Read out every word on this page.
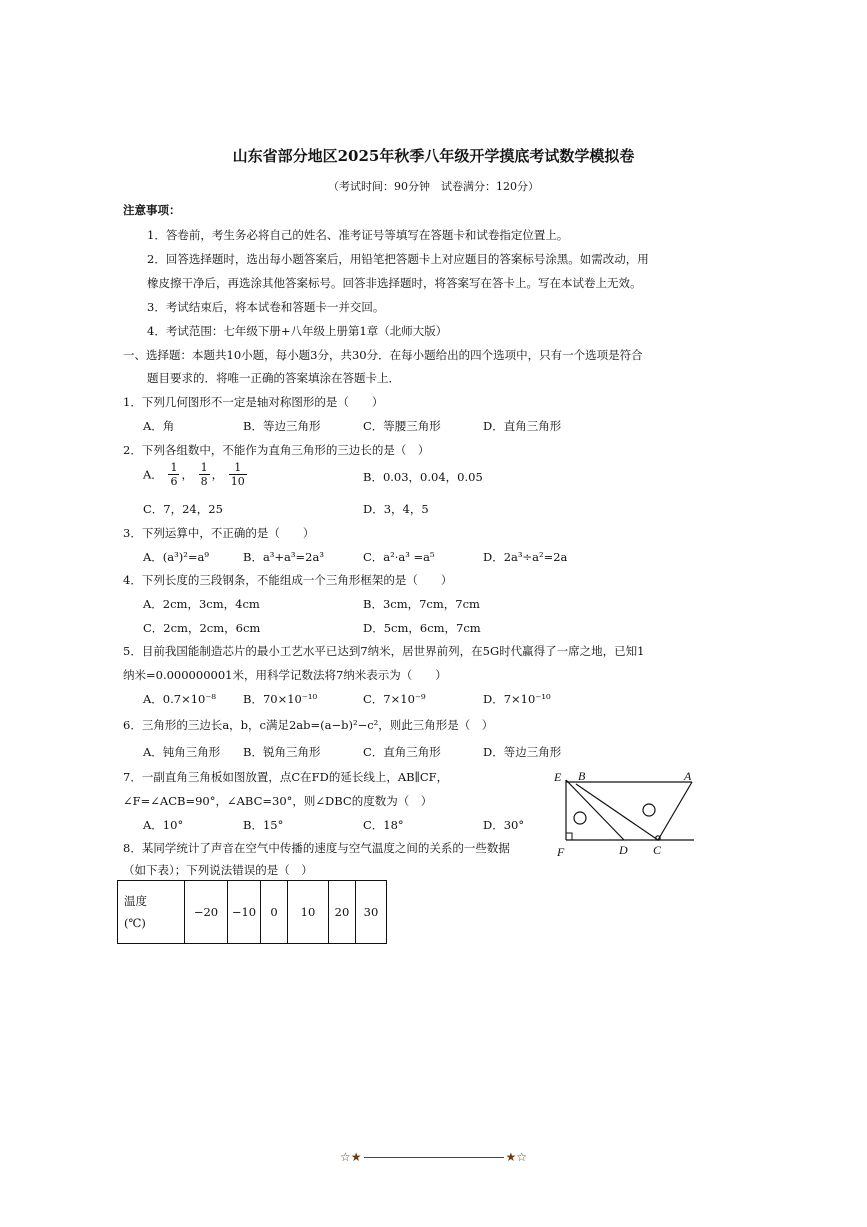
山东省部分地区2025年秋季八年级开学摸底考试数学模拟卷
（考试时间：90分钟　试卷满分：120分）
注意事项：
1．答卷前，考生务必将自己的姓名、准考证号等填写在答题卡和试卷指定位置上。
2．回答选择题时，选出每小题答案后，用铅笔把答题卡上对应题目的答案标号涂黑。如需改动，用
橡皮擦干净后，再选涂其他答案标号。回答非选择题时，将答案写在答卡上。写在本试卷上无效。
3．考试结束后，将本试卷和答题卡一并交回。
4．考试范围：七年级下册+八年级上册第1章（北师大版）
一、选择题：本题共10小题，每小题3分，共30分．在每小题给出的四个选项中，只有一个选项是符合
题目要求的．将唯一正确的答案填涂在答题卡上．
1．下列几何图形不一定是轴对称图形的是（　　）
A．角	B．等边三角形	C．等腰三角形	D．直角三角形
2．下列各组数中，不能作为直角三角形的三边长的是（　）
A． $\frac{1}{6}$ ， $\frac{1}{8}$ ， $\frac{1}{10}$	B．0.03，0.04，0.05
C．7，24，25	D．3，4，5
3．下列运算中，不正确的是（　　）
A．(a³)²=a⁹	B．a³+a³=2a³	C．a²·a³ =a⁵	D．2a³÷a²=2a
4．下列长度的三段钢条，不能组成一个三角形框架的是（　　）
A．2cm，3cm，4cm	B．3cm，7cm，7cm
C．2cm，2cm，6cm	D．5cm，6cm，7cm
5．目前我国能制造芯片的最小工艺水平已达到7纳米，居世界前列，在5G时代赢得了一席之地，已知1
纳米=0.000000001米，用科学记数法将7纳米表示为（　　）
A．0.7×10⁻⁸ B．70×10⁻¹⁰	C．7×10⁻⁹	D．7×10⁻¹⁰
6．三角形的三边长a，b，c满足2ab=(a−b)²−c²，则此三角形是（　）
A．钝角三角形 B．锐角三角形	C．直角三角形	D．等边三角形
7．一副直角三角板如图放置，点C在FD的延长线上，AB∥CF，
∠F=∠ACB=90°，∠ABC=30°，则∠DBC的度数为（　）
A．10°	B．15°	C．18°	D．30°
E B	A
F	D C
8．某同学统计了声音在空气中传播的速度与空气温度之间的关系的一些数据
（如下表）；下列说法错误的是（　）
温度
(℃)	−20	−10	0	10	20	30
☆★	★☆
